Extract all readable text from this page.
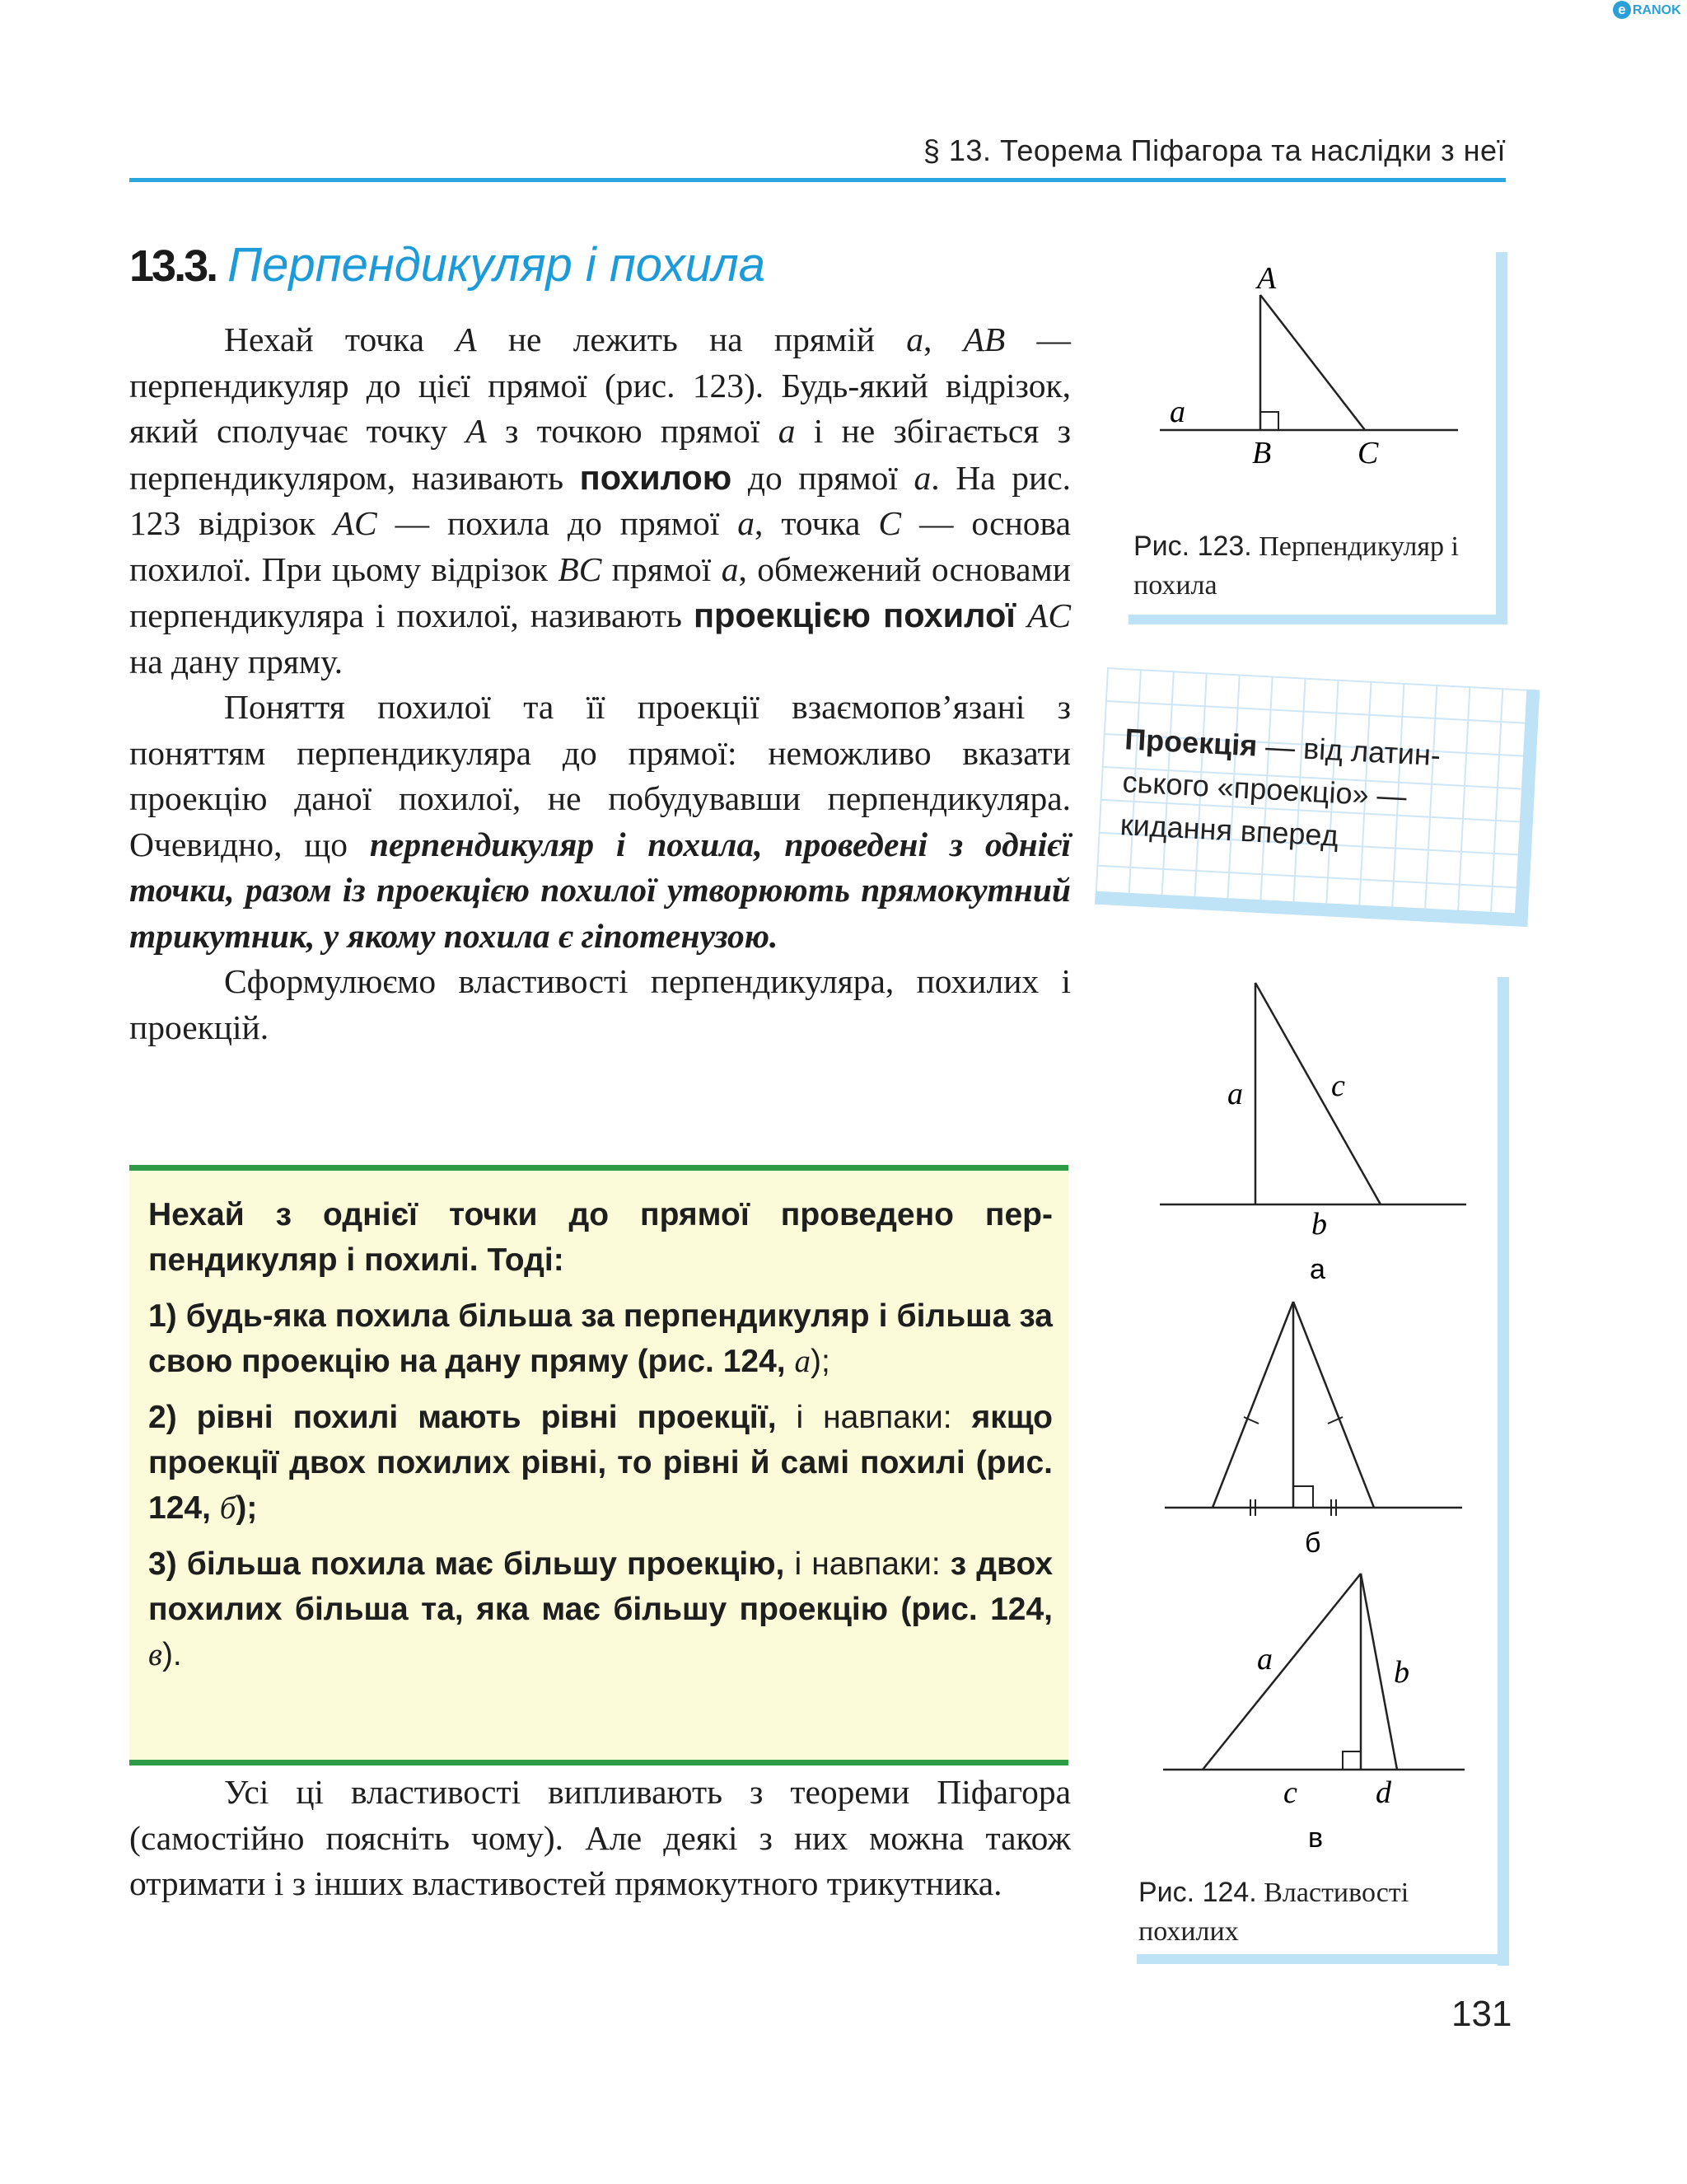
e RANOK
§ 13. Теорема Піфагора та наслідки з неї
13.3. Перпендикуляр і похила

Нехай точка A не лежить на прямій a, AB — перпендикуляр до цієї прямої (рис. 123). Будь-який відрізок, який сполучає точку A з точкою прямої a і не збігається з перпендикуляром, називають похилою до прямої a. На рис. 123 відрізок AC — похила до прямої a, точка C — основа похилої. При цьому відрізок BC прямої a, обмежений основами перпендикуляра і похилої, називають проекцією похилої AC на дану пряму.

Поняття похилої та її проекції взаємопов’язані з поняттям перпендикуляра до прямої: неможливо вказати проекцію даної похилої, не побудувавши перпендикуляра. Очевидно, що перпендикуляр і похила, проведені з однієї точки, разом із проекцією похилої утворюють прямокутний трикутник, у якому похила є гіпотенузою.

Сформулюємо властивості перпендикуляра, похилих і проекцій.

Нехай з однієї точки до прямої проведено перпендикуляр і похилі. Тоді:

1) будь-яка похила більша за перпендикуляр і більша за свою проекцію на дану пряму (рис. 124, а);

2) рівні похилі мають рівні проекції, і навпаки: якщо проекції двох похилих рівні, то рівні й самі похилі (рис. 124, б);

3) більша похила має більшу проекцію, і навпаки: з двох похилих більша та, яка має більшу проекцію (рис. 124, в).

Усі ці властивості випливають з теореми Піфагора (самостійно поясніть чому). Але деякі з них можна також отримати і з інших властивостей прямокутного трикутника.

A
a
B	C
Рис. 123. Перпендикуляр і похила
Проекція — від латинського «проекціо» — кидання вперед
a	c
b
а
б
a	b
c	d
в
Рис. 124. Властивості похилих
131
